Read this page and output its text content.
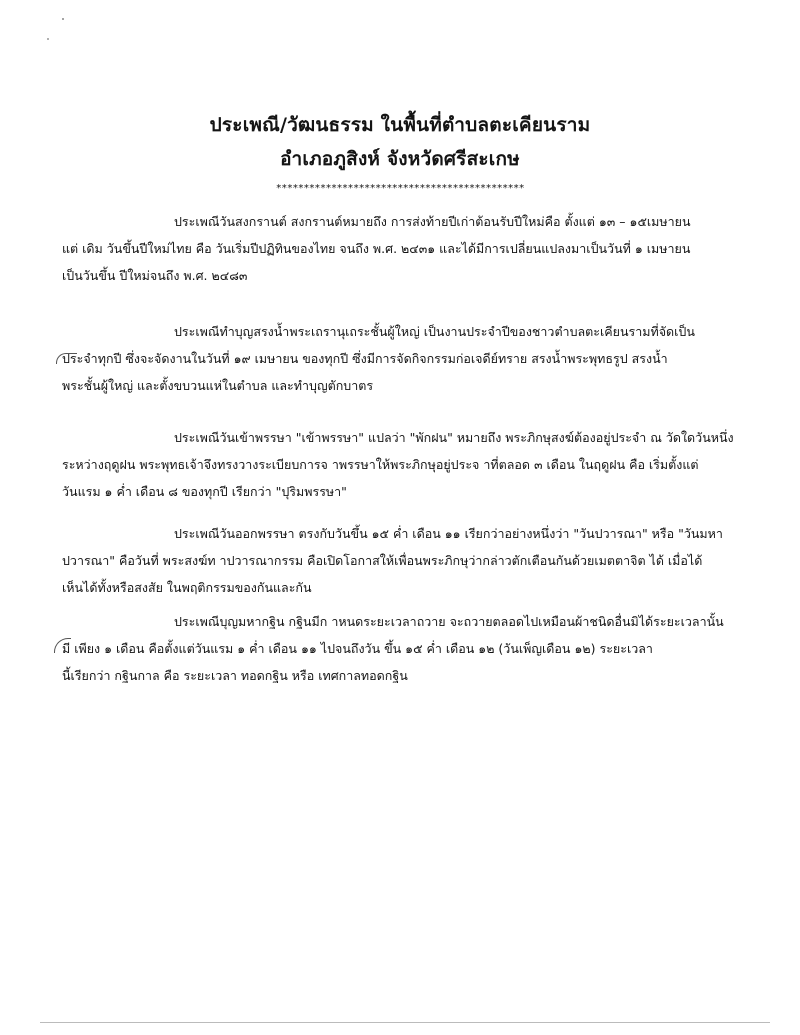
ประเพณี/วัฒนธรรม ในพื้นที่ตำบลตะเคียนราม
อำเภอภูสิงห์ จังหวัดศรีสะเกษ
*********************************************
ประเพณีวันสงกรานต์ สงกรานต์หมายถึง การส่งท้ายปีเก่าต้อนรับปีใหม่คือ ตั้งแต่ ๑๓ – ๑๕เมษายน
แต่ เดิม วันขึ้นปีใหม่ไทย คือ วันเริ่มปีปฏิทินของไทย จนถึง พ.ศ. ๒๔๓๑ และได้มีการเปลี่ยนแปลงมาเป็นวันที่ ๑ เมษายน
เป็นวันขึ้น ปีใหม่จนถึง พ.ศ. ๒๔๘๓
ประเพณีทำบุญสรงน้ำพระเถรานุเถระชั้นผู้ใหญ่ เป็นงานประจำปีของชาวตำบลตะเคียนรามที่จัดเป็น
ประจำทุกปี ซึ่งจะจัดงานในวันที่ ๑๙ เมษายน ของทุกปี ซึ่งมีการจัดกิจกรรมก่อเจดีย์ทราย สรงน้ำพระพุทธรูป สรงน้ำ
พระชั้นผู้ใหญ่ และตั้งขบวนแห่ในตำบล และทำบุญตักบาตร
ประเพณีวันเข้าพรรษา "เข้าพรรษา" แปลว่า "พักฝน" หมายถึง พระภิกษุสงฆ์ต้องอยู่ประจำ ณ วัดใดวันหนึ่ง
ระหว่างฤดูฝน พระพุทธเจ้าจึงทรงวางระเบียบการจ าพรรษาให้พระภิกษุอยู่ประจ าที่ตลอด ๓ เดือน ในฤดูฝน คือ เริ่มตั้งแต่
วันแรม ๑ ค่ำ เดือน ๘ ของทุกปี เรียกว่า "ปุริมพรรษา"
ประเพณีวันออกพรรษา ตรงกับวันขึ้น ๑๕ ค่ำ เดือน ๑๑ เรียกว่าอย่างหนึ่งว่า "วันปวารณา" หรือ "วันมหา
ปวารณา" คือวันที่ พระสงฆ์ท าปวารณากรรม คือเปิดโอกาสให้เพื่อนพระภิกษุว่ากล่าวตักเตือนกันด้วยเมตตาจิต ได้ เมื่อได้
เห็นได้ทั้งหรือสงสัย ในพฤติกรรมของกันและกัน
ประเพณีบุญมหากฐิน กฐินมีก าหนดระยะเวลาถวาย จะถวายตลอดไปเหมือนผ้าชนิดอื่นมิได้ระยะเวลานั้น
มี เพียง ๑ เดือน คือตั้งแต่วันแรม ๑ ค่ำ เดือน ๑๑ ไปจนถึงวัน ขึ้น ๑๕ ค่ำ เดือน ๑๒ (วันเพ็ญเดือน ๑๒) ระยะเวลา
นี้เรียกว่า กฐินกาล คือ ระยะเวลา ทอดกฐิน หรือ เทศกาลทอดกฐิน
